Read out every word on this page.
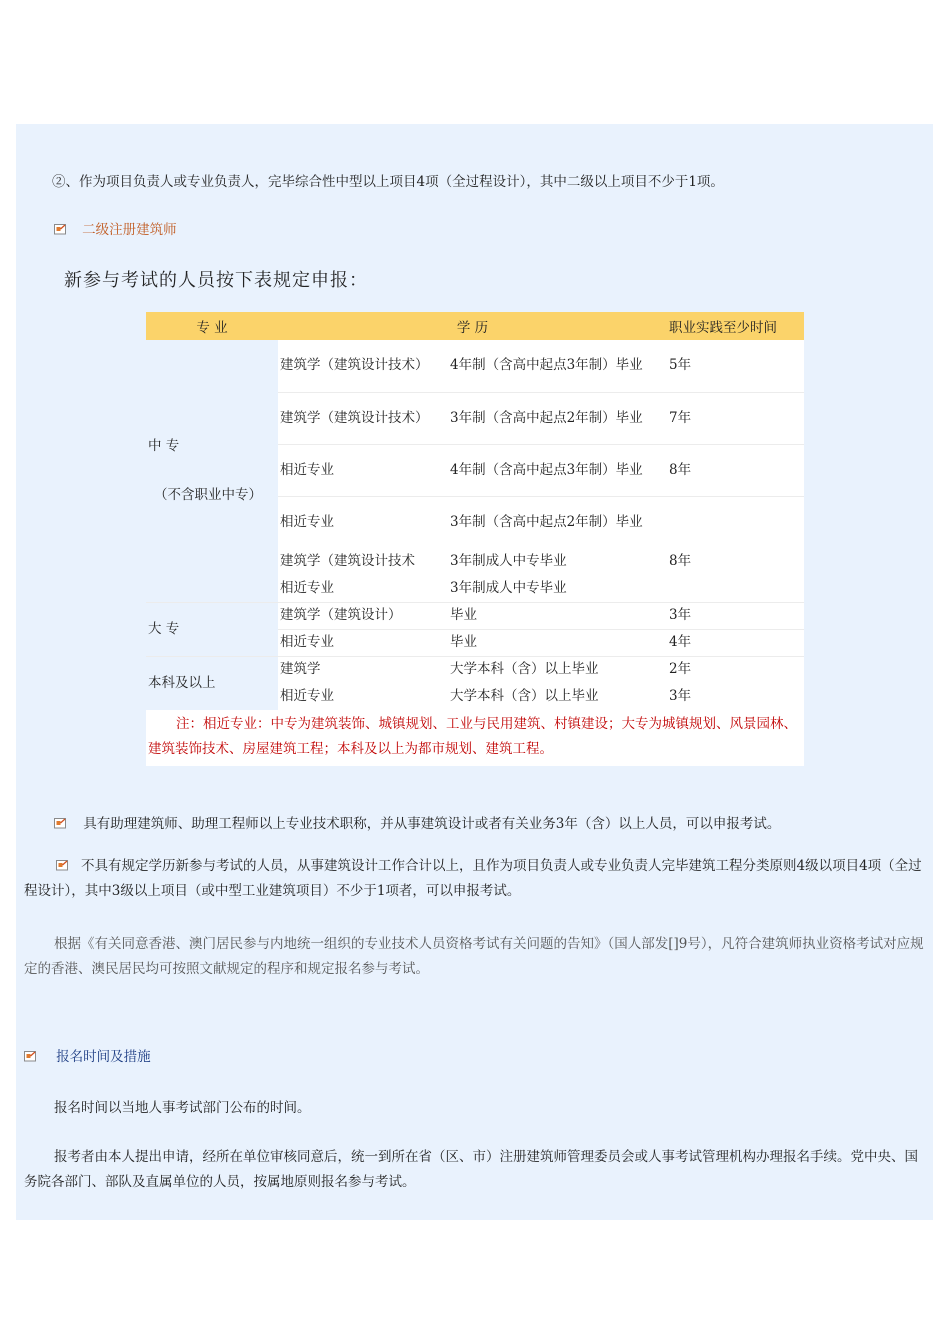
②、作为项目负责人或专业负责人，完毕综合性中型以上项目4项（全过程设计），其中二级以上项目不少于1项。
二级注册建筑师
新参与考试的人员按下表规定申报：
专 业	学 历		职业实践至少时间

中 专
（不含职业中专）	建筑学（建筑设计技术）	4年制（含高中起点3年制）毕业	5年
	建筑学（建筑设计技术）	3年制（含高中起点2年制）毕业	7年
	相近专业	4年制（含高中起点3年制）毕业	8年
	相近专业	3年制（含高中起点2年制）毕业	
	建筑学（建筑设计技术	3年制成人中专毕业	8年
	相近专业	3年制成人中专毕业	
大 专	建筑学（建筑设计）	毕业	3年
	相近专业	毕业	4年
本科及以上	建筑学	大学本科（含）以上毕业	2年
	相近专业	大学本科（含）以上毕业	3年
注：相近专业：中专为建筑装饰、城镇规划、工业与民用建筑、村镇建设；大专为城镇规划、风景园林、建筑装饰技术、房屋建筑工程；本科及以上为都市规划、建筑工程。			
具有助理建筑师、助理工程师以上专业技术职称，并从事建筑设计或者有关业务3年（含）以上人员，可以申报考试。
不具有规定学历新参与考试的人员，从事建筑设计工作合计以上，且作为项目负责人或专业负责人完毕建筑工程分类原则4级以项目4项（全过程设计），其中3级以上项目（或中型工业建筑项目）不少于1项者，可以申报考试。
根据《有关同意香港、澳门居民参与内地统一组织的专业技术人员资格考试有关问题的告知》（国人部发[]9号），凡符合建筑师执业资格考试对应规定的香港、澳民居民均可按照文献规定的程序和规定报名参与考试。
报名时间及措施
报名时间以当地人事考试部门公布的时间。
报考者由本人提出申请，经所在单位审核同意后，统一到所在省（区、市）注册建筑师管理委员会或人事考试管理机构办理报名手续。党中央、国务院各部门、部队及直属单位的人员，按属地原则报名参与考试。
